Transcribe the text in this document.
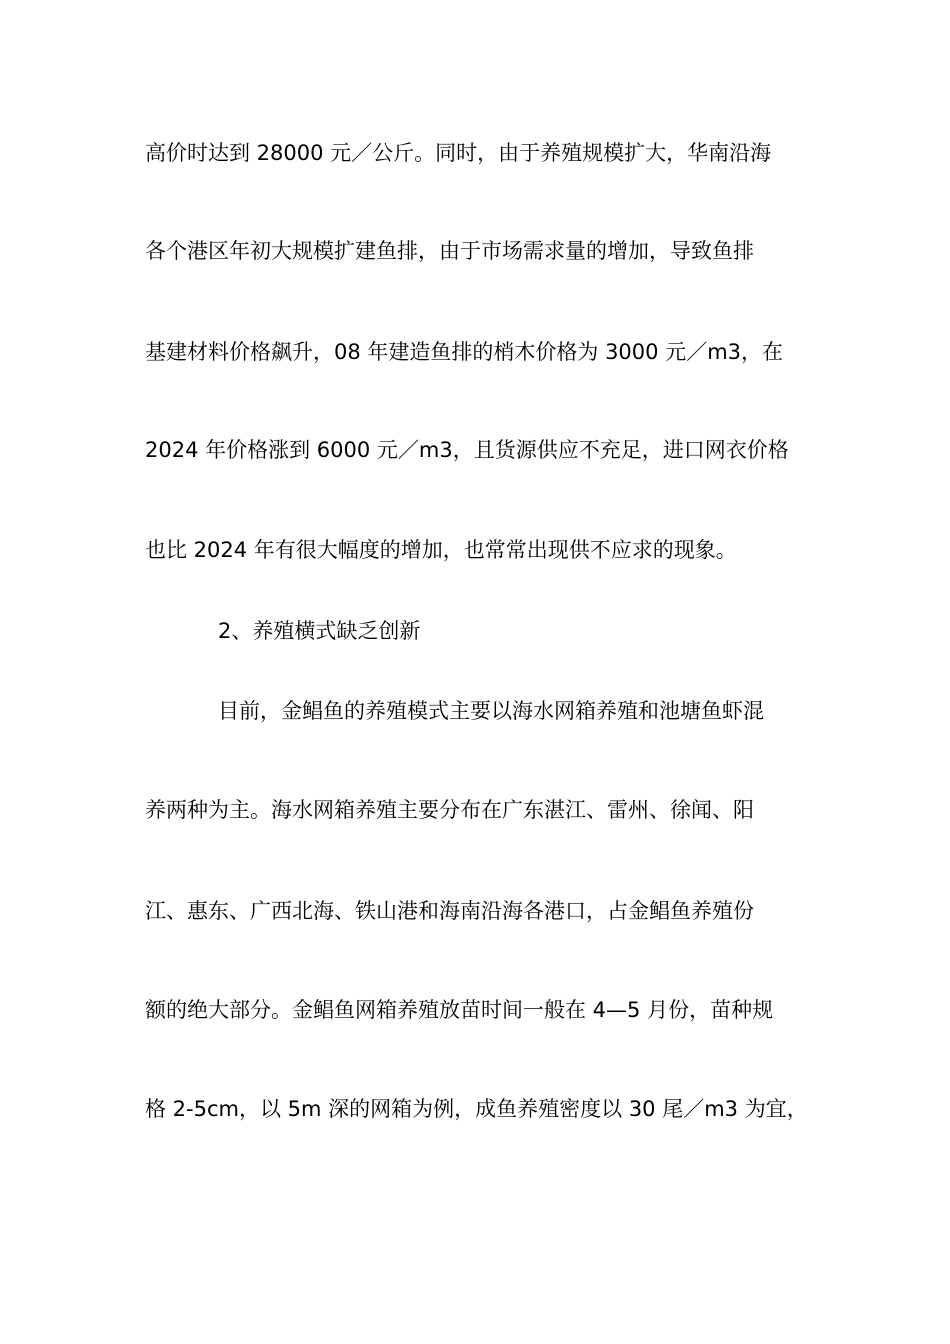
高价时达到 28000 元／公斤。同时，由于养殖规模扩大，华南沿海
各个港区年初大规模扩建鱼排，由于市场需求量的增加，导致鱼排
基建材料价格飙升，08 年建造鱼排的梢木价格为 3000 元／m3，在
2024 年价格涨到 6000 元／m3，且货源供应不充足，进口网衣价格
也比 2024 年有很大幅度的增加，也常常出现供不应求的现象。
2、养殖横式缺乏创新
目前，金鲳鱼的养殖模式主要以海水网箱养殖和池塘鱼虾混
养两种为主。海水网箱养殖主要分布在广东湛江、雷州、徐闻、阳
江、惠东、广西北海、铁山港和海南沿海各港口，占金鲳鱼养殖份
额的绝大部分。金鲳鱼网箱养殖放苗时间一般在 4—5 月份，苗种规
格 2-5cm，以 5m 深的网箱为例，成鱼养殖密度以 30 尾／m3 为宜，
